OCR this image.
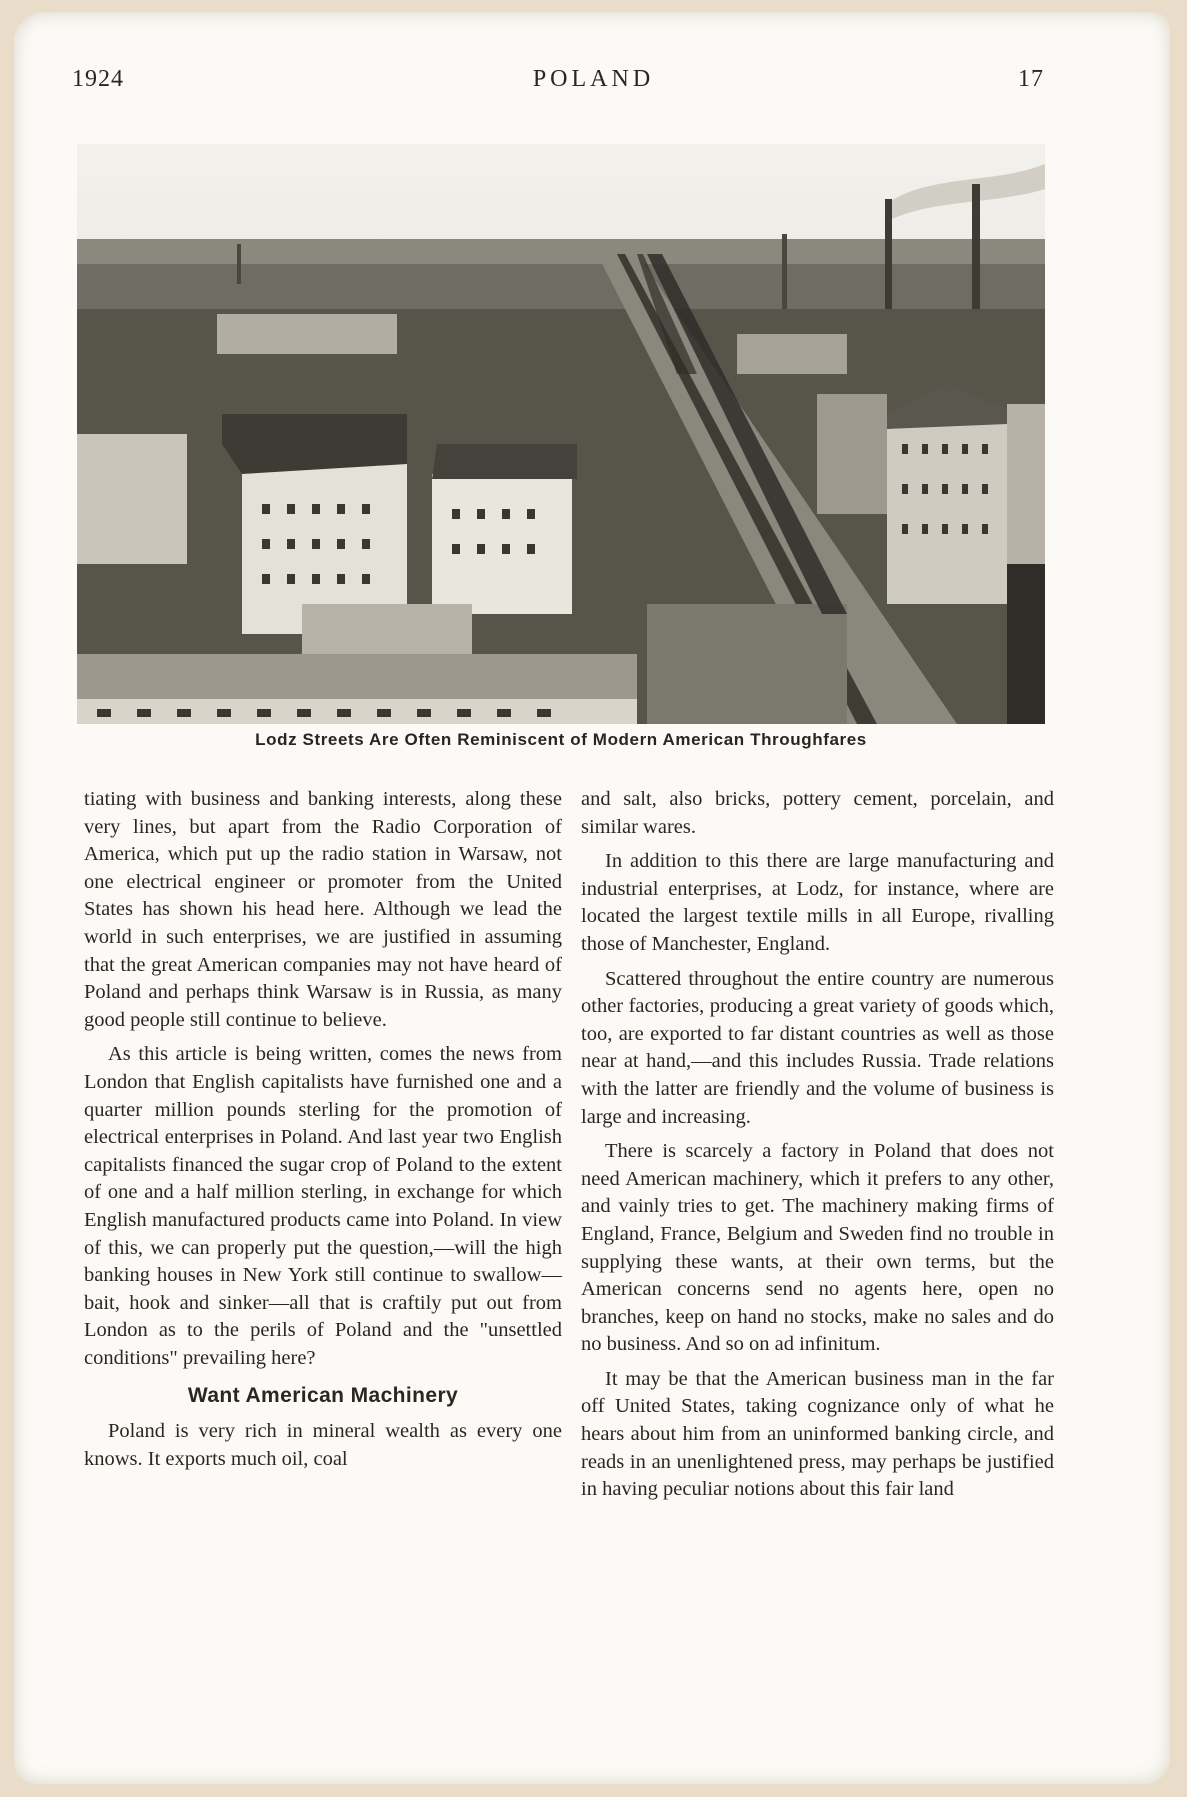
1924	POLAND	17
Lodz Streets Are Often Reminiscent of Modern American Throughfares

tiating with business and banking interests, along these very lines, but apart from the Radio Corporation of America, which put up the radio station in Warsaw, not one electrical engineer or promoter from the United States has shown his head here. Although we lead the world in such enterprises, we are justified in assuming that the great American companies may not have heard of Poland and perhaps think Warsaw is in Russia, as many good people still continue to believe.

As this article is being written, comes the news from London that English capitalists have furnished one and a quarter million pounds sterling for the promotion of electrical enterprises in Poland. And last year two English capitalists financed the sugar crop of Poland to the extent of one and a half million sterling, in exchange for which English manufactured products came into Poland. In view of this, we can properly put the question,—will the high banking houses in New York still continue to swallow—bait, hook and sinker—all that is craftily put out from London as to the perils of Poland and the "unsettled conditions" prevailing here?

Want American Machinery

Poland is very rich in mineral wealth as every one knows. It exports much oil, coal

and salt, also bricks, pottery cement, porcelain, and similar wares.

In addition to this there are large manufacturing and industrial enterprises, at Lodz, for instance, where are located the largest textile mills in all Europe, rivalling those of Manchester, England.

Scattered throughout the entire country are numerous other factories, producing a great variety of goods which, too, are exported to far distant countries as well as those near at hand,—and this includes Russia. Trade relations with the latter are friendly and the volume of business is large and increasing.

There is scarcely a factory in Poland that does not need American machinery, which it prefers to any other, and vainly tries to get. The machinery making firms of England, France, Belgium and Sweden find no trouble in supplying these wants, at their own terms, but the American concerns send no agents here, open no branches, keep on hand no stocks, make no sales and do no business. And so on ad infinitum.

It may be that the American business man in the far off United States, taking cognizance only of what he hears about him from an uninformed banking circle, and reads in an unenlightened press, may perhaps be justified in having peculiar notions about this fair land
